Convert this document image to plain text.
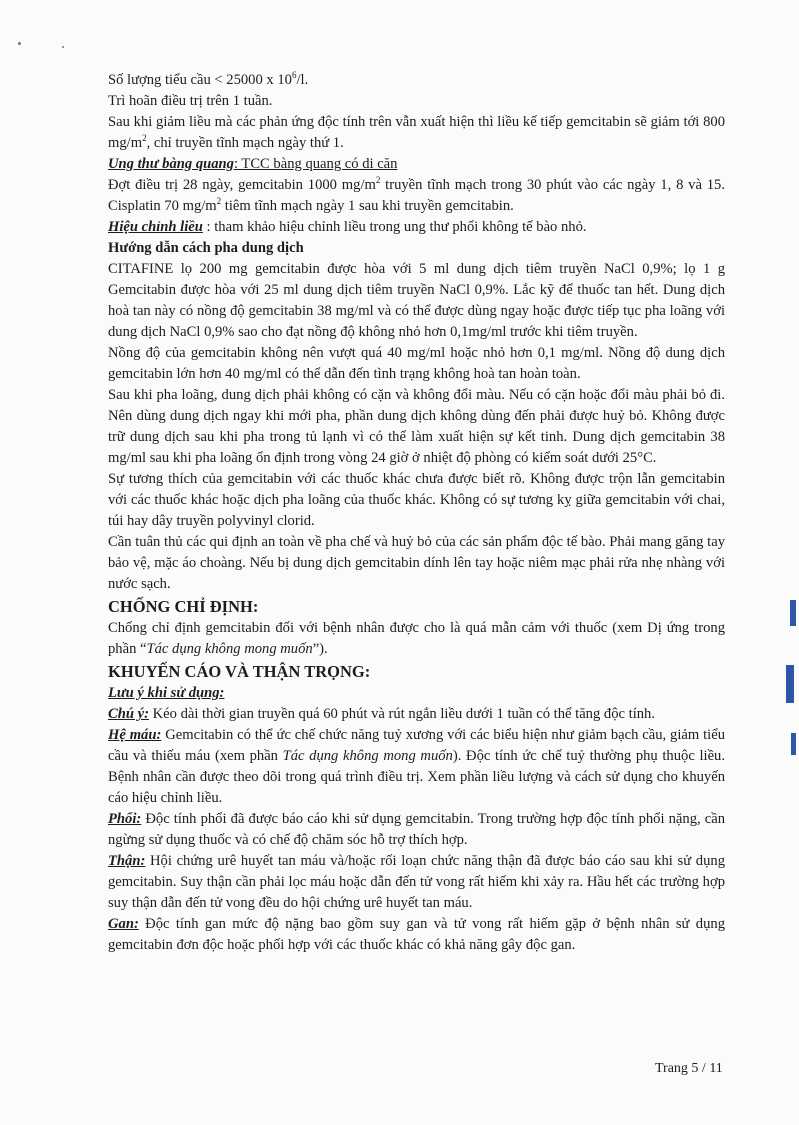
Số lượng tiểu cầu < 25000 x $10^6/l$.

Trì hoãn điều trị trên 1 tuần.

Sau khi giảm liều mà các phản ứng độc tính trên vẫn xuất hiện thì liều kế tiếp gemcitabin sẽ giảm tới 800 $mg/m^2$, chỉ truyền tĩnh mạch ngày thứ 1.

Ung thư bàng quang: TCC bàng quang có di căn

Đợt điều trị 28 ngày, gemcitabin 1000 $mg/m^2$ truyền tĩnh mạch trong 30 phút vào các ngày 1, 8 và 15. Cisplatin 70 $mg/m^2$ tiêm tĩnh mạch ngày 1 sau khi truyền gemcitabin.

Hiệu chỉnh liều : tham khảo hiệu chỉnh liều trong ung thư phổi không tế bào nhỏ.

Hướng dẫn cách pha dung dịch

CITAFINE lọ 200 mg gemcitabin được hòa với 5 ml dung dịch tiêm truyền NaCl 0,9%; lọ 1 g Gemcitabin được hòa với 25 ml dung dịch tiêm truyền NaCl 0,9%. Lắc kỹ để thuốc tan hết. Dung dịch hoà tan này có nồng độ gemcitabin 38 mg/ml và có thể được dùng ngay hoặc được tiếp tục pha loãng với dung dịch NaCl 0,9% sao cho đạt nồng độ không nhỏ hơn 0,1mg/ml trước khi tiêm truyền.

Nồng độ của gemcitabin không nên vượt quá 40 mg/ml hoặc nhỏ hơn 0,1 mg/ml. Nồng độ dung dịch gemcitabin lớn hơn 40 mg/ml có thể dẫn đến tình trạng không hoà tan hoàn toàn.

Sau khi pha loãng, dung dịch phải không có cặn và không đổi màu. Nếu có cặn hoặc đổi màu phải bỏ đi. Nên dùng dung dịch ngay khi mới pha, phần dung dịch không dùng đến phải được huỷ bỏ. Không được trữ dung dịch sau khi pha trong tủ lạnh vì có thể làm xuất hiện sự kết tinh. Dung dịch gemcitabin 38 mg/ml sau khi pha loãng ổn định trong vòng 24 giờ ở nhiệt độ phòng có kiểm soát dưới 25°C.

Sự tương thích của gemcitabin với các thuốc khác chưa được biết rõ. Không được trộn lẫn gemcitabin với các thuốc khác hoặc dịch pha loãng của thuốc khác. Không có sự tương kỵ giữa gemcitabin với chai, túi hay dây truyền polyvinyl clorid.

Cần tuân thủ các qui định an toàn về pha chế và huỷ bỏ của các sản phẩm độc tế bào. Phải mang găng tay bảo vệ, mặc áo choàng. Nếu bị dung dịch gemcitabin dính lên tay hoặc niêm mạc phải rửa nhẹ nhàng với nước sạch.

CHỐNG CHỈ ĐỊNH:

Chống chỉ định gemcitabin đối với bệnh nhân được cho là quá mẫn cảm với thuốc (xem Dị ứng trong phần “Tác dụng không mong muốn”).

KHUYẾN CÁO VÀ THẬN TRỌNG:

Lưu ý khi sử dụng:

Chú ý: Kéo dài thời gian truyền quá 60 phút và rút ngắn liều dưới 1 tuần có thể tăng độc tính.

Hệ máu: Gemcitabin có thể ức chế chức năng tuỷ xương với các biểu hiện như giảm bạch cầu, giảm tiểu cầu và thiếu máu (xem phần Tác dụng không mong muốn). Độc tính ức chế tuỷ thường phụ thuộc liều. Bệnh nhân cần được theo dõi trong quá trình điều trị. Xem phần liều lượng và cách sử dụng cho khuyến cáo hiệu chỉnh liều.

Phổi: Độc tính phổi đã được báo cáo khi sử dụng gemcitabin. Trong trường hợp độc tính phổi nặng, cần ngừng sử dụng thuốc và có chế độ chăm sóc hỗ trợ thích hợp.

Thận: Hội chứng urê huyết tan máu và/hoặc rối loạn chức năng thận đã được báo cáo sau khi sử dụng gemcitabin. Suy thận cần phải lọc máu hoặc dẫn đến tử vong rất hiếm khi xảy ra. Hầu hết các trường hợp suy thận dẫn đến tử vong đều do hội chứng urê huyết tan máu.

Gan: Độc tính gan mức độ nặng bao gồm suy gan và tử vong rất hiếm gặp ở bệnh nhân sử dụng gemcitabin đơn độc hoặc phối hợp với các thuốc khác có khả năng gây độc gan.

Trang 5 / 11
